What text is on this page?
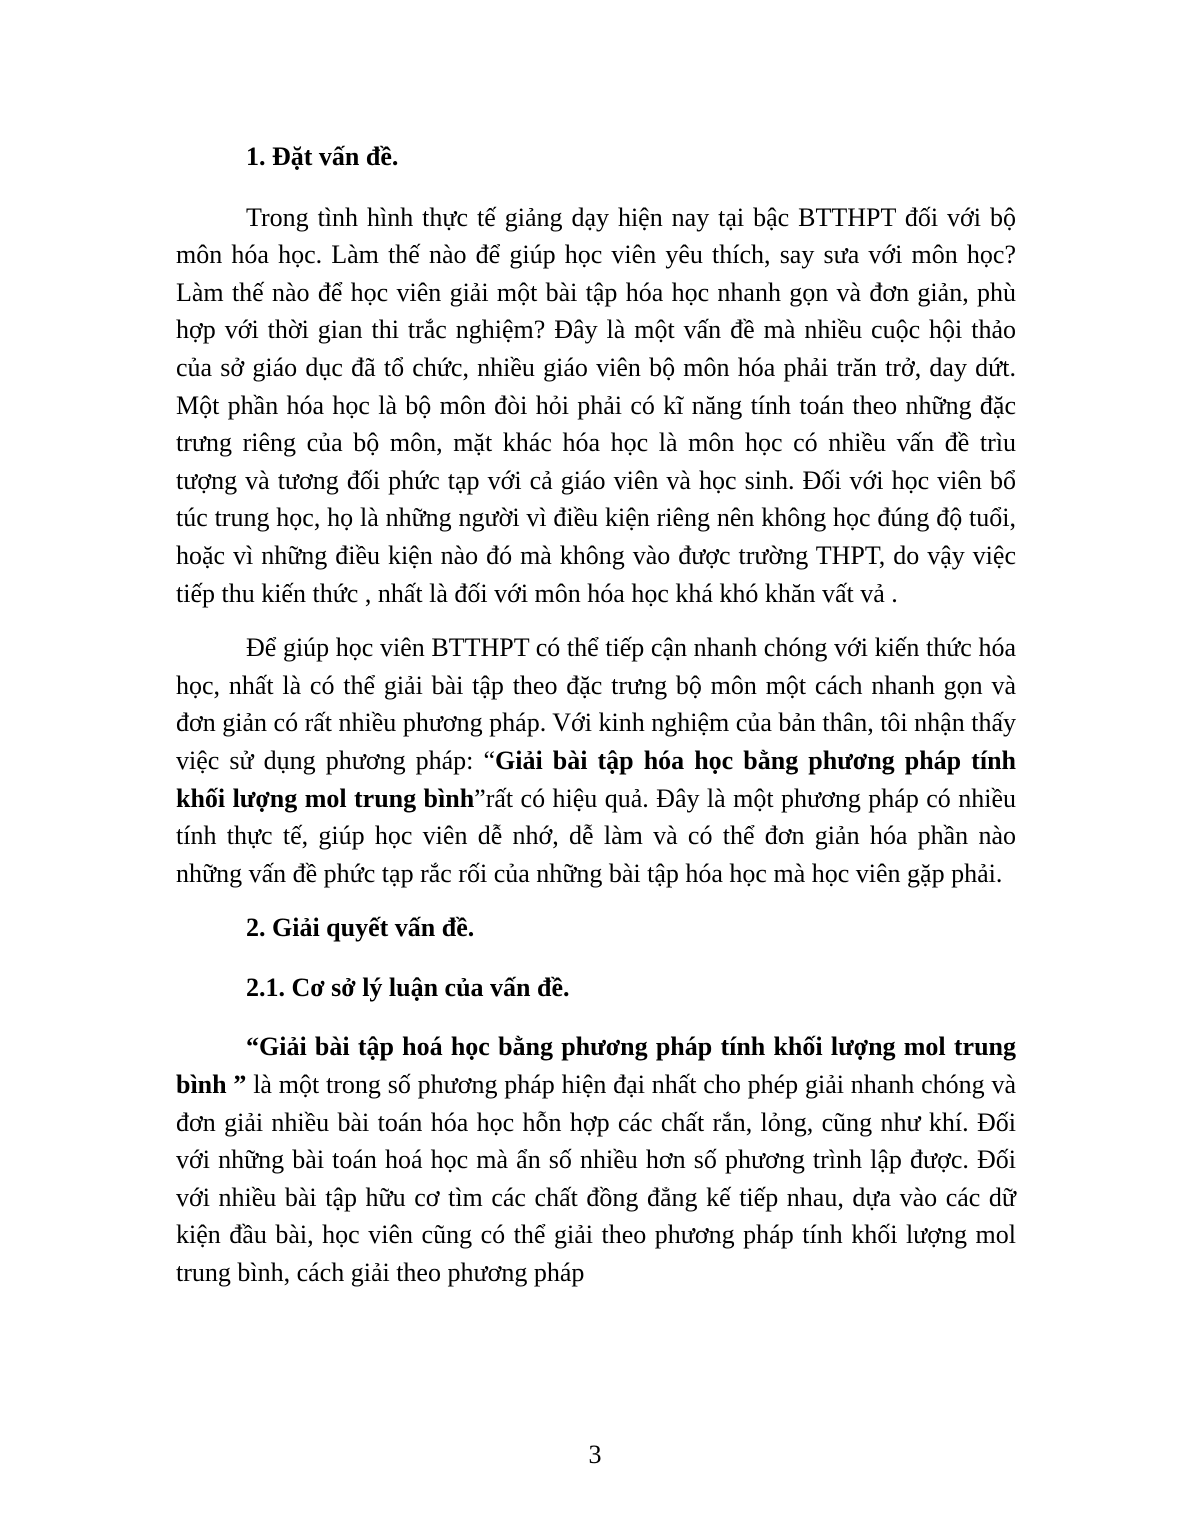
1. Đặt vấn đề.

Trong tình hình thực tế giảng dạy hiện nay tại bậc BTTHPT đối với bộ môn hóa học. Làm thế nào để giúp học viên yêu thích, say sưa với môn học? Làm thế nào để học viên giải một bài tập hóa học nhanh gọn và đơn giản, phù hợp với thời gian thi trắc nghiệm? Đây là một vấn đề mà nhiều cuộc hội thảo của sở giáo dục đã tổ chức, nhiều giáo viên bộ môn hóa phải trăn trở, day dứt. Một phần hóa học là bộ môn đòi hỏi phải có kĩ năng tính toán theo những đặc trưng riêng của bộ môn, mặt khác hóa học là môn học có nhiều vấn đề trìu tượng và tương đối phức tạp với cả giáo viên và học sinh. Đối với học viên bổ túc trung học, họ là những người vì điều kiện riêng nên không học đúng độ tuổi, hoặc vì những điều kiện nào đó mà không vào được trường THPT, do vậy việc tiếp thu kiến thức , nhất là đối với môn hóa học khá khó khăn vất vả .

Để giúp học viên BTTHPT có thể tiếp cận nhanh chóng với kiến thức hóa học, nhất là có thể giải bài tập theo đặc trưng bộ môn một cách nhanh gọn và đơn giản có rất nhiều phương pháp. Với kinh nghiệm của bản thân, tôi nhận thấy việc sử dụng phương pháp: “Giải bài tập hóa học bằng phương pháp tính khối lượng mol trung bình”rất có hiệu quả. Đây là một phương pháp có nhiều tính thực tế, giúp học viên dễ nhớ, dễ làm và có thể đơn giản hóa phần nào những vấn đề phức tạp rắc rối của những bài tập hóa học mà học viên gặp phải.

2. Giải quyết vấn đề.

2.1. Cơ sở lý luận của vấn đề.

“Giải bài tập hoá học bằng phương pháp tính khối lượng mol trung bình ” là một trong số phương pháp hiện đại nhất cho phép giải nhanh chóng và đơn giải nhiều bài toán hóa học hỗn hợp các chất rắn, lỏng, cũng như khí. Đối với những bài toán hoá học mà ẩn số nhiều hơn số phương trình lập được. Đối với nhiều bài tập hữu cơ tìm các chất đồng đẳng kế tiếp nhau, dựa vào các dữ kiện đầu bài, học viên cũng có thể giải theo phương pháp tính khối lượng mol trung bình, cách giải theo phương pháp

3
